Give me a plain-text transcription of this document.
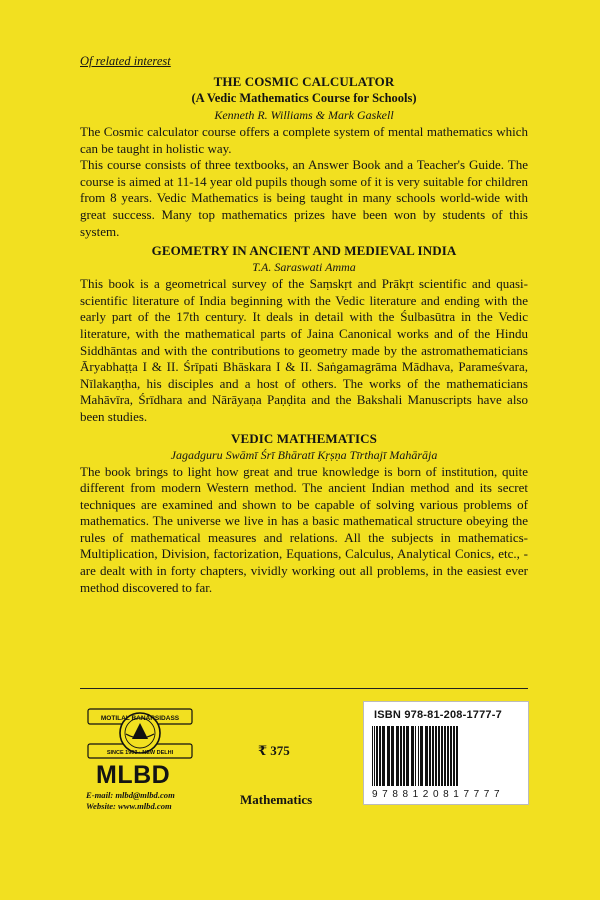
Of related interest

THE COSMIC CALCULATOR

(A Vedic Mathematics Course for Schools)

Kenneth R. Williams & Mark Gaskell

The Cosmic calculator course offers a complete system of mental mathematics which can be taught in holistic way.

This course consists of three textbooks, an Answer Book and a Teacher's Guide. The course is aimed at 11-14 year old pupils though some of it is very suitable for children from 8 years. Vedic Mathematics is being taught in many schools world-wide with great success. Many top mathematics prizes have been won by students of this system.

GEOMETRY IN ANCIENT AND MEDIEVAL INDIA

T.A. Saraswati Amma

This book is a geometrical survey of the Saṃskṛt and Prākṛt scientific and quasi-scientific literature of India beginning with the Vedic literature and ending with the early part of the 17th century. It deals in detail with the Śulbasūtra in the Vedic literature, with the mathematical parts of Jaina Canonical works and of the Hindu Siddhāntas and with the contributions to geometry made by the astromathematicians Āryabhaṭṭa I & II. Śrīpati Bhāskara I & II. Saṅgamagrāma Mādhava, Parameśvara, Nīlakaṇṭha, his disciples and a host of others. The works of the mathematicians Mahāvīra, Śrīdhara and Nārāyaṇa Paṇḍita and the Bakshali Manuscripts have also been studies.

VEDIC MATHEMATICS

Jagadguru Swāmī Śrī Bhāratī Kṛṣṇa Tīrthajī Mahārāja

The book brings to light how great and true knowledge is born of institution, quite different from modern Western method. The ancient Indian method and its secret techniques are examined and shown to be capable of solving various problems of mathematics. The universe we live in has a basic mathematical structure obeying the rules of mathematical measures and relations. All the subjects in mathematics- Multiplication, Division, factorization, Equations, Calculus, Analytical Conics, etc., -are dealt with in forty chapters, vividly working out all problems, in the easiest ever method discovered to far.

MOTILAL BANARSIDASS
SINCE 1903 · NEW DELHI
MLBD
E-mail: mlbd@mlbd.com
Website: www.mlbd.com
₹ 375
Mathematics
ISBN 978-81-208-1777-7
9788120817777
